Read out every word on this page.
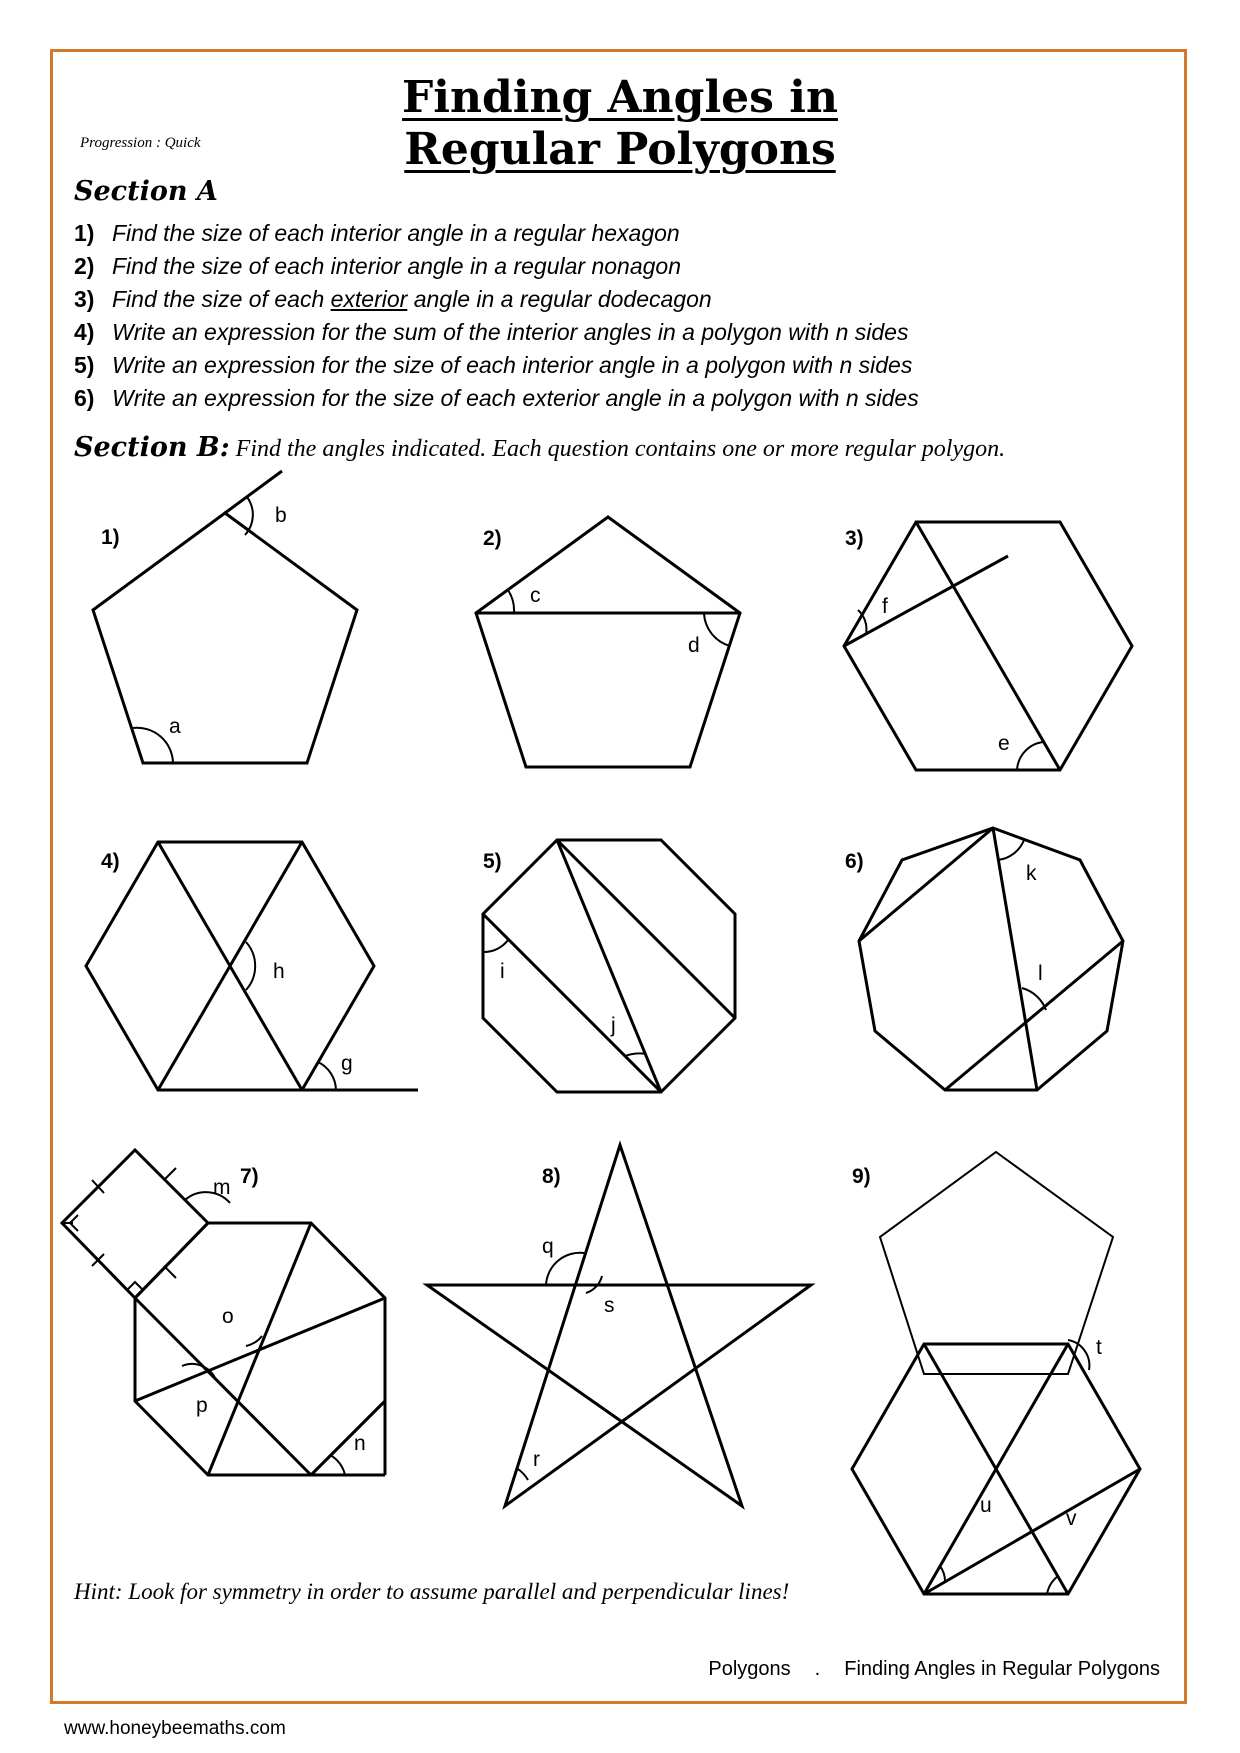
Finding Angles in
Regular Polygons
Progression : Quick
Section A
1) Find the size of each interior angle in a regular hexagon
2) Find the size of each interior angle in a regular nonagon
3) Find the size of each exterior angle in a regular dodecagon
4) Write an expression for the sum of the interior angles in a polygon with n sides
5) Write an expression for the size of each interior angle in a polygon with n sides
6) Write an expression for the size of each exterior angle in a polygon with n sides
Section B: Find the angles indicated. Each question contains one or more regular polygon.
1)
b
a
2)
c
d
3)
f
e
4)
h
g
5)
i
j
6)
k
l
7)
m
o
p
n
8)
q
s
r
9)
t
u
v
Hint: Look for symmetry in order to assume parallel and perpendicular lines!
Polygons . Finding Angles in Regular Polygons
www.honeybeemaths.com
